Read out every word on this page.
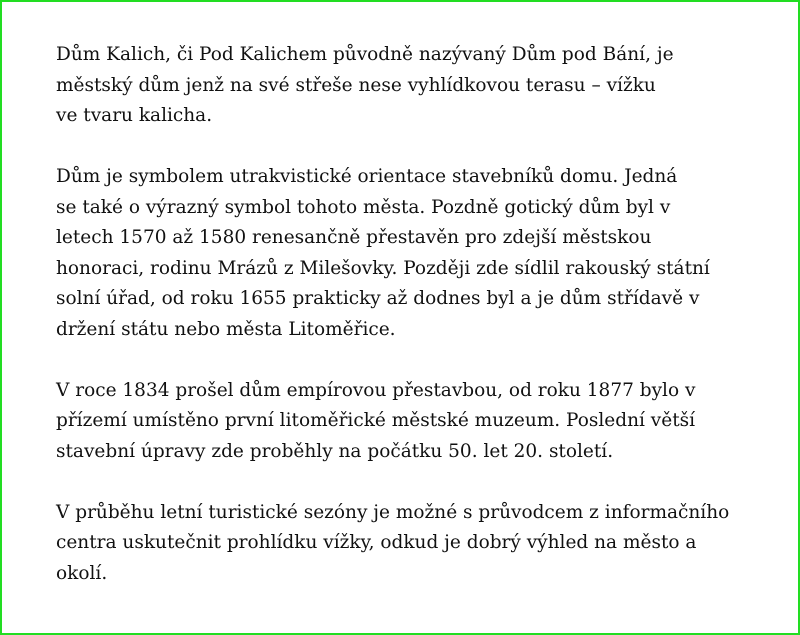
Dům Kalich, či Pod Kalichem původně nazývaný Dům pod Bání, je
městský dům jenž na své střeše nese vyhlídkovou terasu – vížku
ve tvaru kalicha.

Dům je symbolem utrakvistické orientace stavebníků domu. Jedná
se také o výrazný symbol tohoto města. Pozdně gotický dům byl v
letech 1570 až 1580 renesančně přestavěn pro zdejší městskou
honoraci, rodinu Mrázů z Milešovky. Později zde sídlil rakouský státní
solní úřad, od roku 1655 prakticky až dodnes byl a je dům střídavě v
držení státu nebo města Litoměřice.

V roce 1834 prošel dům empírovou přestavbou, od roku 1877 bylo v
přízemí umístěno první litoměřické městské muzeum. Poslední větší
stavební úpravy zde proběhly na počátku 50. let 20. století.

V průběhu letní turistické sezóny je možné s průvodcem z informačního
centra uskutečnit prohlídku vížky, odkud je dobrý výhled na město a
okolí.
